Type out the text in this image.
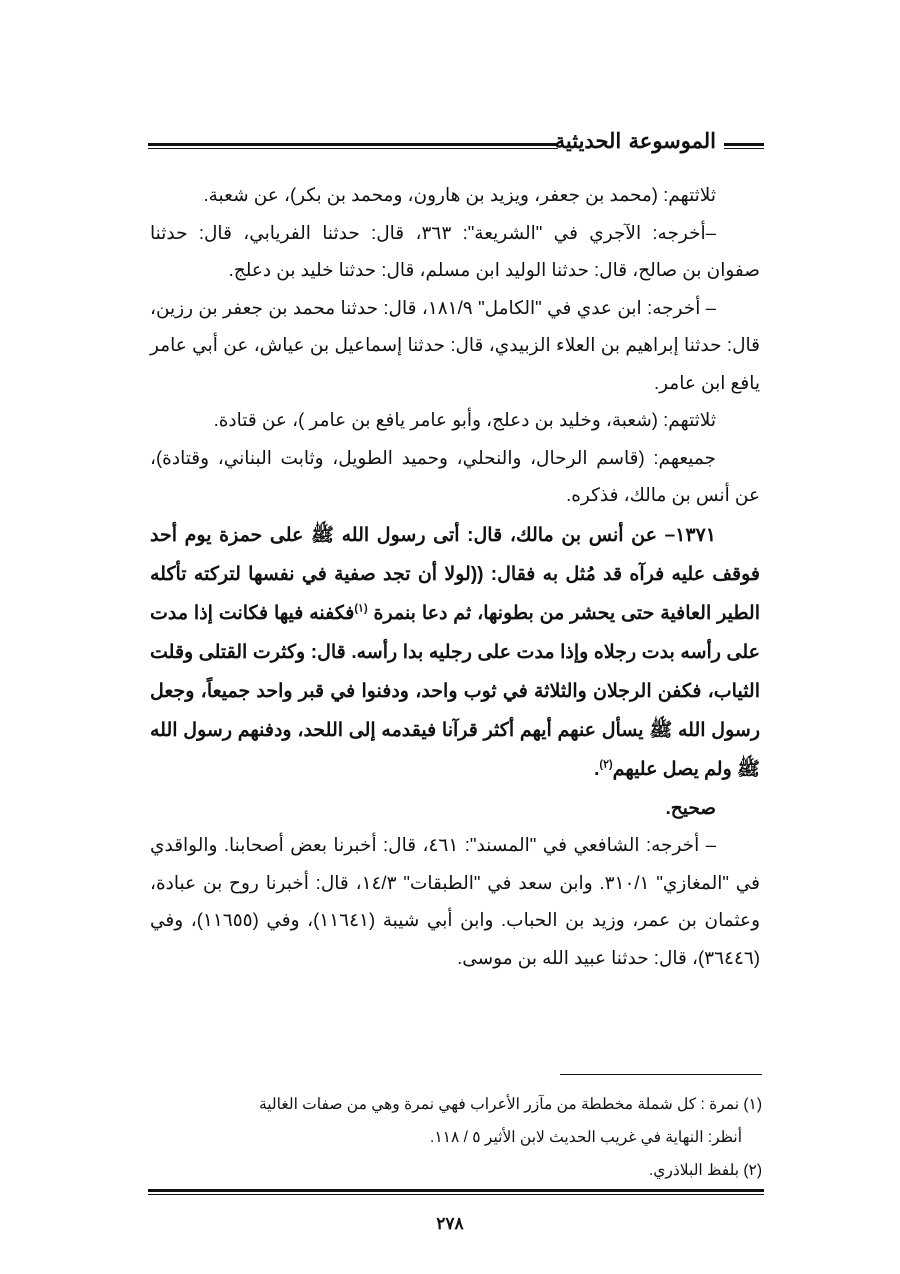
الموسوعة الحديثية

ثلاثتهم: (محمد بن جعفر، ويزيد بن هارون، ومحمد بن بكر)، عن شعبة.

–أخرجه: الآجري في "الشريعة": ٣٦٣، قال: حدثنا الفريابي، قال: حدثنا صفوان بن صالح، قال: حدثنا الوليد ابن مسلم، قال: حدثنا خليد بن دعلج.

– أخرجه: ابن عدي في "الكامل" ١٨١/٩، قال: حدثنا محمد بن جعفر بن رزين، قال: حدثنا إبراهيم بن العلاء الزبيدي، قال: حدثنا إسماعيل بن عياش، عن أبي عامر يافع ابن عامر.

ثلاثتهم: (شعبة، وخليد بن دعلج، وأبو عامر يافع بن عامر )، عن قتادة.

جميعهم: (قاسم الرحال، والنحلي، وحميد الطويل، وثابت البناني، وقتادة)، عن أنس بن مالك، فذكره.

١٣٧١– عن أنس بن مالك، قال: أتى رسول الله ﷺ على حمزة يوم أحد فوقف عليه فرآه قد مُثل به فقال: ((لولا أن تجد صفية في نفسها لتركته تأكله الطير العافية حتى يحشر من بطونها، ثم دعا بنمرة $^{(١)}$فكفنه فيها فكانت إذا مدت على رأسه بدت رجلاه وإذا مدت على رجليه بدا رأسه. قال: وكثرت القتلى وقلت الثياب، فكفن الرجلان والثلاثة في ثوب واحد، ودفنوا في قبر واحد جميعاً، وجعل رسول الله ﷺ يسأل عنهم أيهم أكثر قرآنا فيقدمه إلى اللحد، ودفنهم رسول الله ﷺ ولم يصل عليهم$^{(٢)}$.

صحيح.

– أخرجه: الشافعي في "المسند": ٤٦١، قال: أخبرنا بعض أصحابنا. والواقدي في "المغازي" ٣١٠/١. وابن سعد في "الطبقات" ١٤/٣، قال: أخبرنا روح بن عبادة، وعثمان بن عمر، وزيد بن الحباب. وابن أبي شيبة (١١٦٤١)، وفي (١١٦٥٥)، وفي (٣٦٤٤٦)، قال: حدثنا عبيد الله بن موسى.

(١) نمرة : كل شملة مخططة من مآزر الأعراب فهي نمرة وهي من صفات الغالية

أنظر: النهاية في غريب الحديث لابن الأثير ٥ / ١١٨.

(٢) بلفظ البلاذري.

٢٧٨
